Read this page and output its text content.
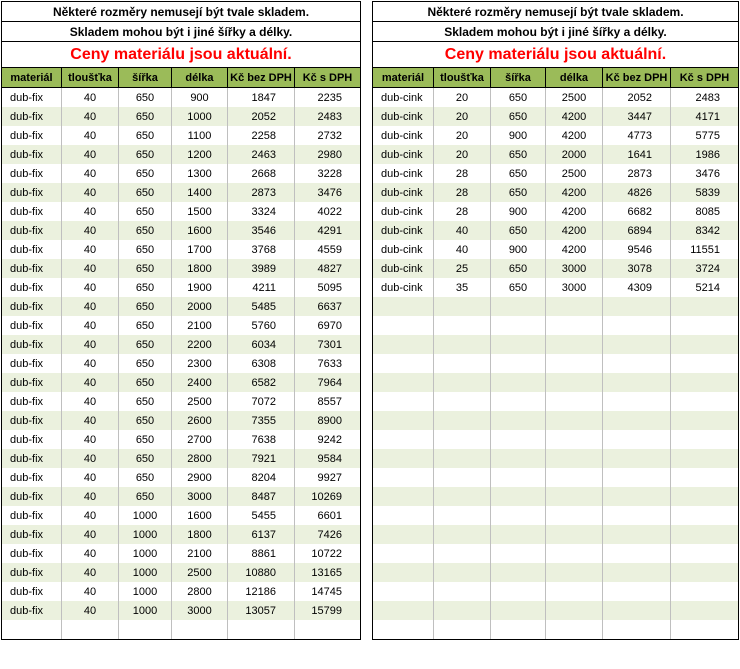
Některé rozměry nemusejí být tvale skladem.					
Skladem mohou být i jiné šířky a délky.					
Ceny materiálu jsou aktuální.					
materiál	tloušťka	šířka	délka	Kč bez DPH	Kč s DPH
dub-fix	40	650	900	1847	2235
dub-fix	40	650	1000	2052	2483
dub-fix	40	650	1100	2258	2732
dub-fix	40	650	1200	2463	2980
dub-fix	40	650	1300	2668	3228
dub-fix	40	650	1400	2873	3476
dub-fix	40	650	1500	3324	4022
dub-fix	40	650	1600	3546	4291
dub-fix	40	650	1700	3768	4559
dub-fix	40	650	1800	3989	4827
dub-fix	40	650	1900	4211	5095
dub-fix	40	650	2000	5485	6637
dub-fix	40	650	2100	5760	6970
dub-fix	40	650	2200	6034	7301
dub-fix	40	650	2300	6308	7633
dub-fix	40	650	2400	6582	7964
dub-fix	40	650	2500	7072	8557
dub-fix	40	650	2600	7355	8900
dub-fix	40	650	2700	7638	9242
dub-fix	40	650	2800	7921	9584
dub-fix	40	650	2900	8204	9927
dub-fix	40	650	3000	8487	10269
dub-fix	40	1000	1600	5455	6601
dub-fix	40	1000	1800	6137	7426
dub-fix	40	1000	2100	8861	10722
dub-fix	40	1000	2500	10880	13165
dub-fix	40	1000	2800	12186	14745
dub-fix	40	1000	3000	13057	15799

Některé rozměry nemusejí být tvale skladem.					
Skladem mohou být i jiné šířky a délky.					
Ceny materiálu jsou aktuální.					
materiál	tloušťka	šířka	délka	Kč bez DPH	Kč s DPH
dub-cink	20	650	2500	2052	2483
dub-cink	20	650	4200	3447	4171
dub-cink	20	900	4200	4773	5775
dub-cink	20	650	2000	1641	1986
dub-cink	28	650	2500	2873	3476
dub-cink	28	650	4200	4826	5839
dub-cink	28	900	4200	6682	8085
dub-cink	40	650	4200	6894	8342
dub-cink	40	900	4200	9546	11551
dub-cink	25	650	3000	3078	3724
dub-cink	35	650	3000	4309	5214
